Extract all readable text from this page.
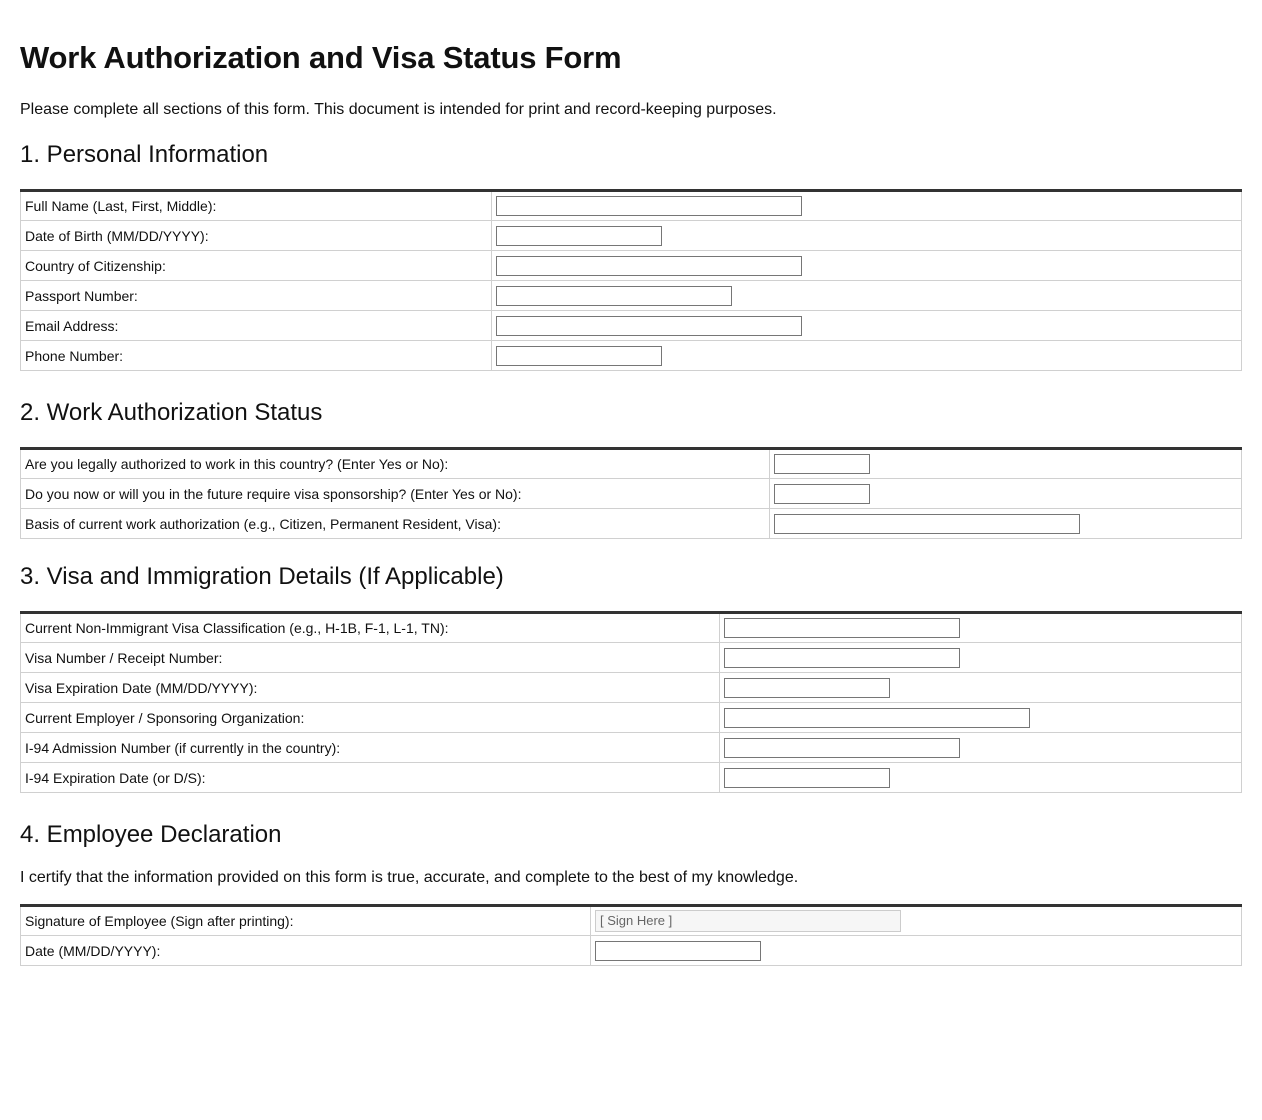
Work Authorization and Visa Status Form

Please complete all sections of this form. This document is intended for print and record-keeping purposes.

1. Personal Information
Full Name (Last, First, Middle):	

Date of Birth (MM/DD/YYYY):	

Country of Citizenship:	

Passport Number:	

Email Address:	

Phone Number:	
2. Work Authorization Status
Are you legally authorized to work in this country? (Enter Yes or No):	

Do you now or will you in the future require visa sponsorship? (Enter Yes or No):	

Basis of current work authorization (e.g., Citizen, Permanent Resident, Visa):	
3. Visa and Immigration Details (If Applicable)
Current Non-Immigrant Visa Classification (e.g., H-1B, F-1, L-1, TN):	

Visa Number / Receipt Number:	

Visa Expiration Date (MM/DD/YYYY):	

Current Employer / Sponsoring Organization:	

I-94 Admission Number (if currently in the country):	

I-94 Expiration Date (or D/S):	
4. Employee Declaration

I certify that the information provided on this form is true, accurate, and complete to the best of my knowledge.

Signature of Employee (Sign after printing):	[ Sign Here ]

Date (MM/DD/YYYY):	
